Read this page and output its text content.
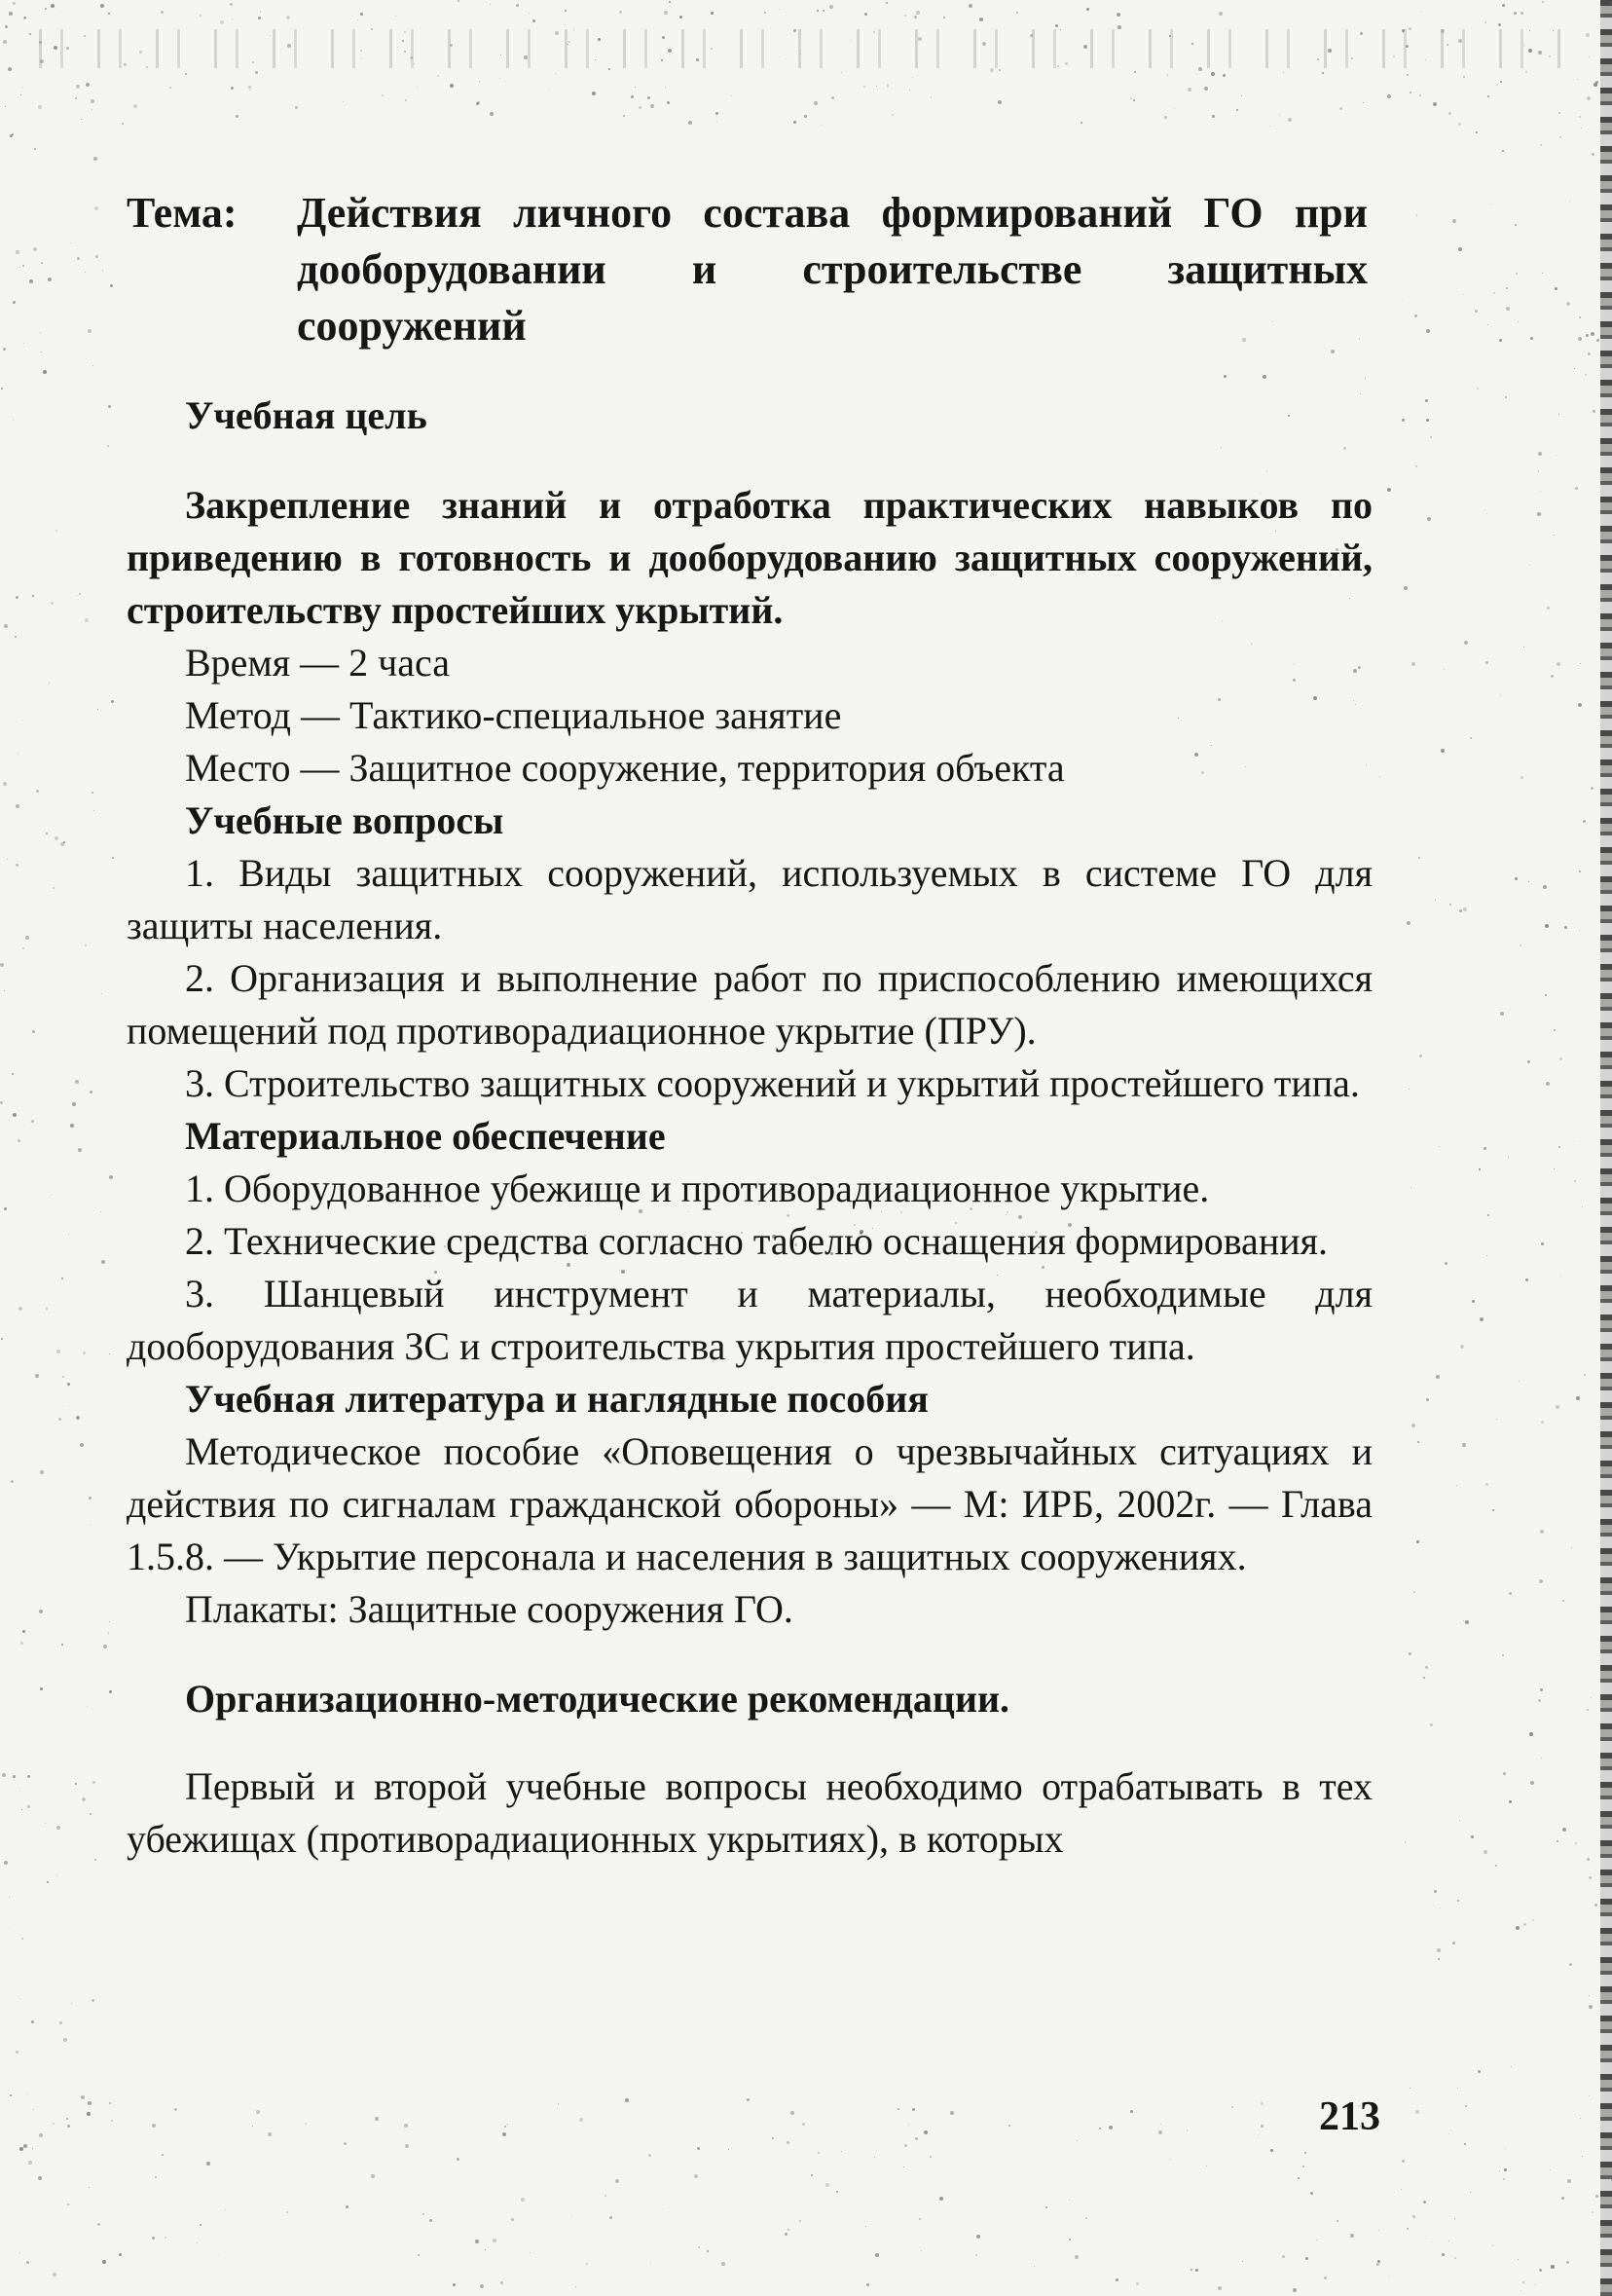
Тема:	Действия личного состава формирований ГО при дооборудовании и строительстве защитных сооружений

Учебная цель

Закрепление знаний и отработка практических навыков по приведению в готовность и дооборудованию защитных сооружений, строительству простейших укрытий.

Время — 2 часа

Метод — Тактико-специальное занятие

Место — Защитное сооружение, территория объекта

Учебные вопросы

1. Виды защитных сооружений, используемых в системе ГО для защиты населения.

2. Организация и выполнение работ по приспособлению имеющихся помещений под противорадиационное укрытие (ПРУ).

3. Строительство защитных сооружений и укрытий простейшего типа.

Материальное обеспечение

1. Оборудованное убежище и противорадиационное укрытие.

2. Технические средства согласно табелю оснащения формирования.

3. Шанцевый инструмент и материалы, необходимые для дооборудования ЗС и строительства укрытия простейшего типа.

Учебная литература и наглядные пособия

Методическое пособие «Оповещения о чрезвычайных ситуациях и действия по сигналам гражданской обороны» — М: ИРБ, 2002г. — Глава 1.5.8. — Укрытие персонала и населения в защитных сооружениях.

Плакаты: Защитные сооружения ГО.

Организационно-методические рекомендации.

Первый и второй учебные вопросы необходимо отрабатывать в тех убежищах (противорадиационных укрытиях), в которых

213
